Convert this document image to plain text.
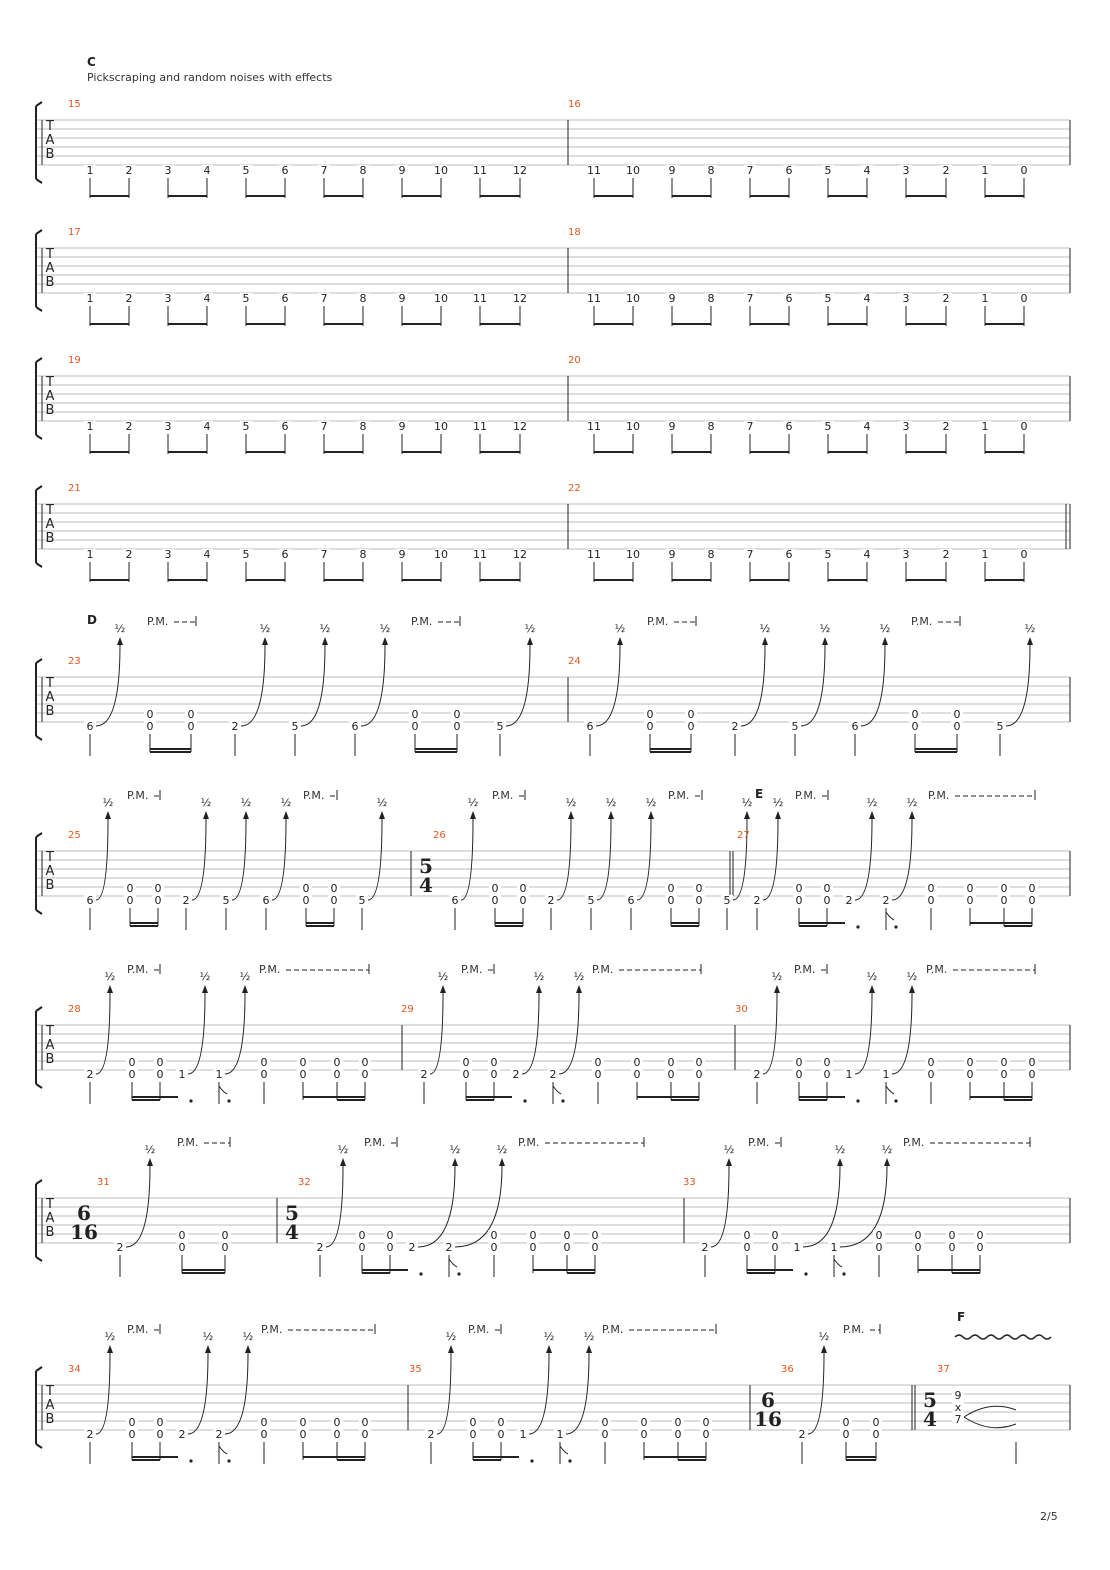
C
Pickscraping and random noises with effects
T
A
B
15	16
1	2	3	4	5	6	7	8	9	10 11 12	11 10	9	8	7	6	5	4	3	2	1	0
T
A
B
17	18
1	2	3	4	5	6	7	8	9	10 11 12	11 10	9	8	7	6	5	4	3	2	1	0
T
A
B
19	20
1	2	3	4	5	6	7	8	9	10 11 12	11 10	9	8	7	6	5	4	3	2	1	0
T
A
B
21	22
1	2	3	4	5	6	7	8	9	10 11 12	11 10	9	8	7	6	5	4	3	2	1	0
D
T
A
B
23	24
6
½
0
0
0
0
P.M.
2
½
5
½
6
½
0
0
0
0
P.M.
5
½
6
½
0
0
0
0
P.M.
2
½
5
½
6
½
0
0
0
0
P.M.
5
½
E
T
A
B
25	26	27
5
4
6
½
0
0
0
0
P.M.
2
½
5
½
6
½
0
0
0
0
P.M.
5
½
6
½
0
0
0
0
P.M.
2
½
5
½
6
½
0
0
0
0
P.M.
5
½
2
½
0
0
0
0
P.M.
2
½
2
½
0
0
0
0
0
0
0
0
P.M.
T
A
B
28	29	30
2
½
0
0
0
0
P.M.
1
½
1
½
0
0
0
0
0
0
0
0
P.M.
2
½
0
0
0
0
P.M.
2
½
2
½
0
0
0
0
0
0
0
0
P.M.
2
½
0
0
0
0
P.M.
1
½
1
½
0
0
0
0
0
0
0
0
P.M.
T
A
B
31	32	33
6
16
5
4
2
½
0
0
0
0
P.M.
2
½
0
0
0
0
P.M.
2
½
2
½
0
0
0
0
0
0
0
0
P.M.
2
½
0
0
0
0
P.M.
1
½
1
½
0
0
0
0
0
0
0
0
P.M.
T
A
B
34	35	36	37
2
½
0
0
0
0
P.M.
2
½
2
½
0
0
0
0
0
0
0
0
P.M.
2
½
0
0
0
0
P.M.
1
½
1
½
0
0
0
0
0
0
0
0
P.M.
6
16
2
½
0
0
0
0
P.M.
F
5
4
9
x
7
2/5
